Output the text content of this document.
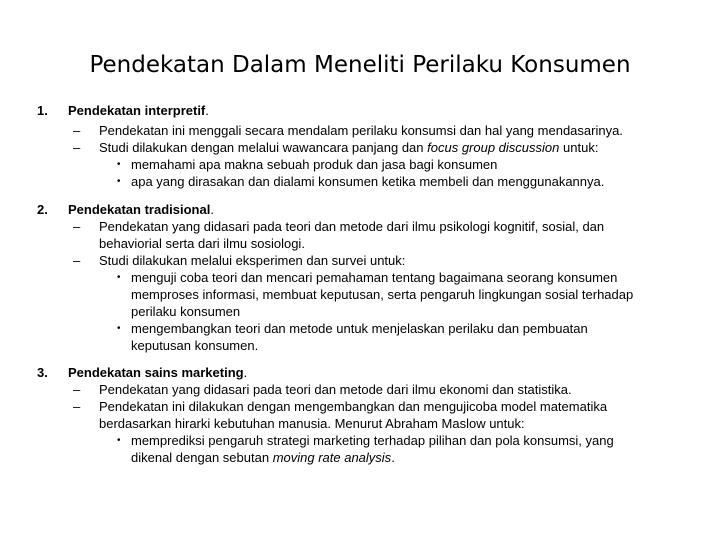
Pendekatan Dalam Meneliti Perilaku Konsumen
1. Pendekatan interpretif.
– Pendekatan ini menggali secara mendalam perilaku konsumsi dan hal yang mendasarinya.
– Studi dilakukan dengan melalui wawancara panjang dan focus group discussion untuk:
• memahami apa makna sebuah produk dan jasa bagi konsumen
• apa yang dirasakan dan dialami konsumen ketika membeli dan menggunakannya.
2. Pendekatan tradisional.
– Pendekatan yang didasari pada teori dan metode dari ilmu psikologi kognitif, sosial, dan
behaviorial serta dari ilmu sosiologi.
– Studi dilakukan melalui eksperimen dan survei untuk:
• menguji coba teori dan mencari pemahaman tentang bagaimana seorang konsumen
memproses informasi, membuat keputusan, serta pengaruh lingkungan sosial terhadap
perilaku konsumen
• mengembangkan teori dan metode untuk menjelaskan perilaku dan pembuatan
keputusan konsumen.
3. Pendekatan sains marketing.
– Pendekatan yang didasari pada teori dan metode dari ilmu ekonomi dan statistika.
– Pendekatan ini dilakukan dengan mengembangkan dan mengujicoba model matematika
berdasarkan hirarki kebutuhan manusia. Menurut Abraham Maslow untuk:
• memprediksi pengaruh strategi marketing terhadap pilihan dan pola konsumsi, yang
dikenal dengan sebutan moving rate analysis.
